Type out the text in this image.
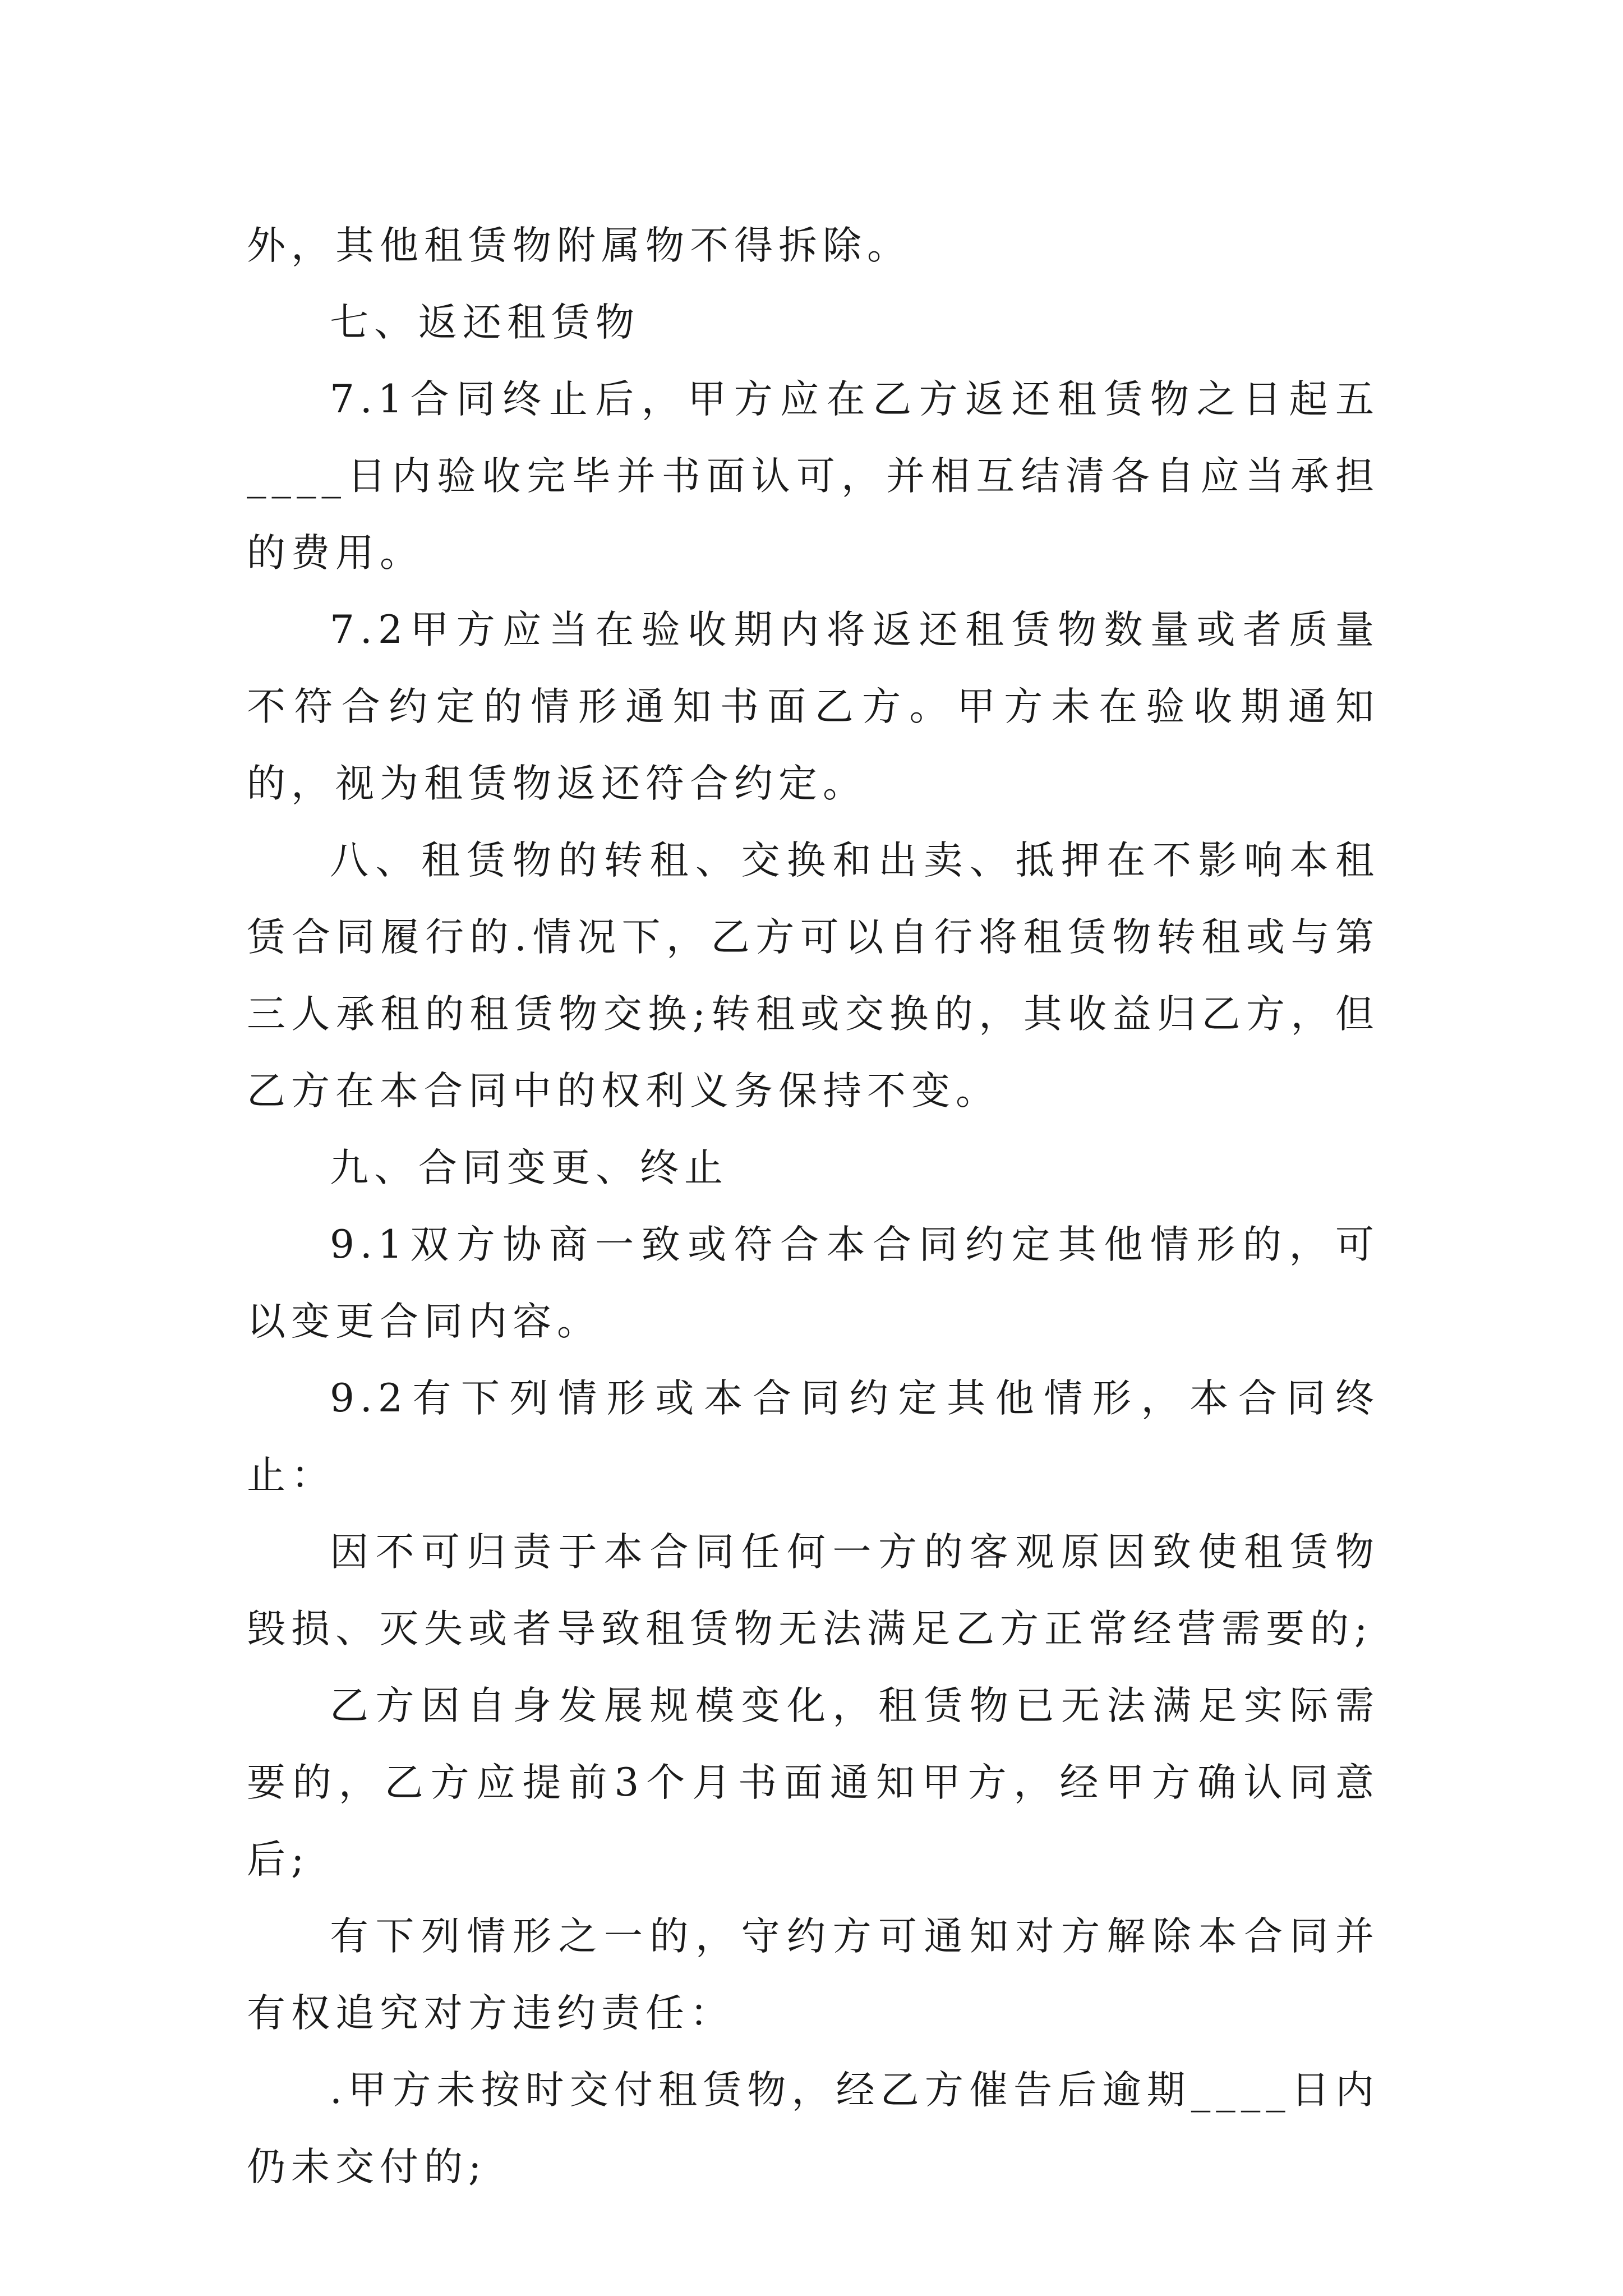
外，其他租赁物附属物不得拆除。

七、返还租赁物

7.1合同终止后，甲方应在乙方返还租赁物之日起五____日内验收完毕并书面认可，并相互结清各自应当承担的费用。

7.2甲方应当在验收期内将返还租赁物数量或者质量不符合约定的情形通知书面乙方。甲方未在验收期通知的，视为租赁物返还符合约定。

八、租赁物的转租、交换和出卖、抵押在不影响本租赁合同履行的.情况下，乙方可以自行将租赁物转租或与第三人承租的租赁物交换;转租或交换的，其收益归乙方，但乙方在本合同中的权利义务保持不变。

九、合同变更、终止

9.1双方协商一致或符合本合同约定其他情形的，可以变更合同内容。

9.2有下列情形或本合同约定其他情形，本合同终止：

因不可归责于本合同任何一方的客观原因致使租赁物毁损、灭失或者导致租赁物无法满足乙方正常经营需要的;

乙方因自身发展规模变化，租赁物已无法满足实际需要的，乙方应提前3个月书面通知甲方，经甲方确认同意后;

有下列情形之一的，守约方可通知对方解除本合同并有权追究对方违约责任：

.甲方未按时交付租赁物，经乙方催告后逾期____日内仍未交付的;
